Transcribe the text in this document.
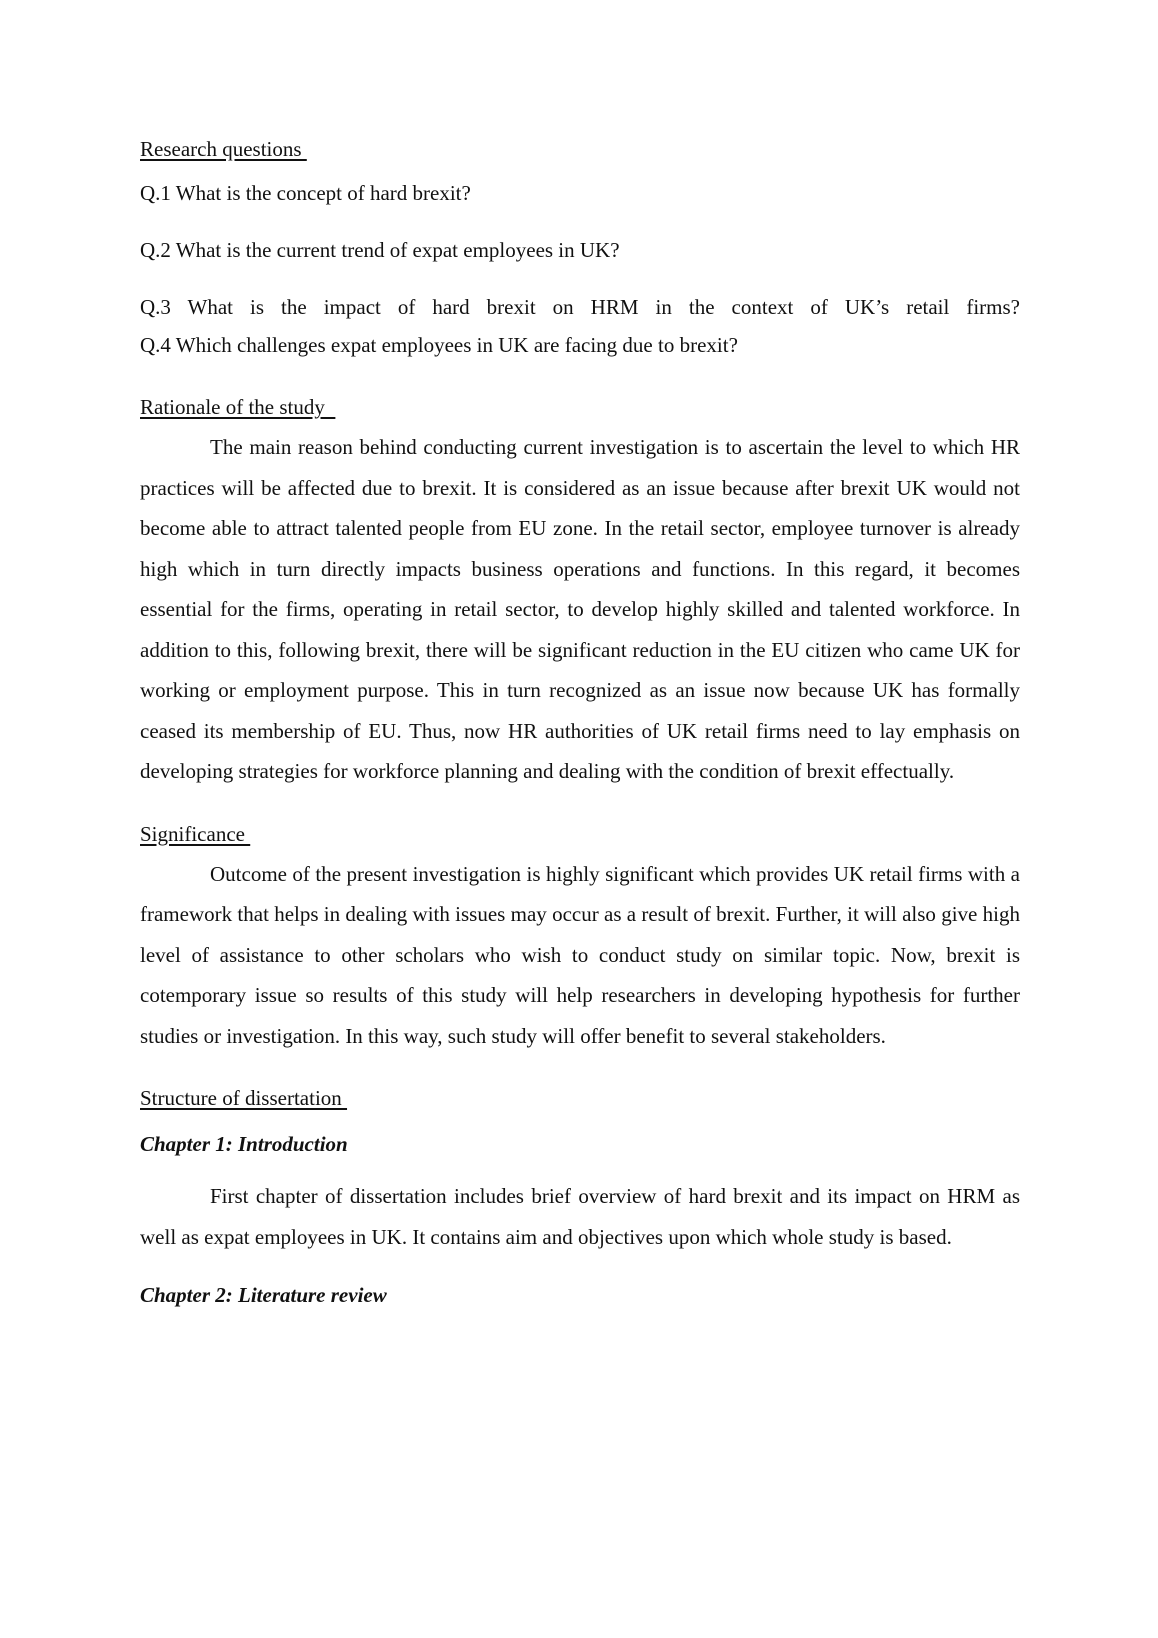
Research questions

Q.1 What is the concept of hard brexit?

Q.2 What is the current trend of expat employees in UK?

Q.3 What is the impact of hard brexit on HRM in the context of UK’s retail firms?

Q.4 Which challenges expat employees in UK are facing due to brexit?

Rationale of the study

The main reason behind conducting current investigation is to ascertain the level to which HR practices will be affected due to brexit. It is considered as an issue because after brexit UK would not become able to attract talented people from EU zone. In the retail sector, employee turnover is already high which in turn directly impacts business operations and functions. In this regard, it becomes essential for the firms, operating in retail sector, to develop highly skilled and talented workforce. In addition to this, following brexit, there will be significant reduction in the EU citizen who came UK for working or employment purpose. This in turn recognized as an issue now because UK has formally ceased its membership of EU. Thus, now HR authorities of UK retail firms need to lay emphasis on developing strategies for workforce planning and dealing with the condition of brexit effectually.

Significance

Outcome of the present investigation is highly significant which provides UK retail firms with a framework that helps in dealing with issues may occur as a result of brexit. Further, it will also give high level of assistance to other scholars who wish to conduct study on similar topic. Now, brexit is cotemporary issue so results of this study will help researchers in developing hypothesis for further studies or investigation. In this way, such study will offer benefit to several stakeholders.

Structure of dissertation

Chapter 1: Introduction

First chapter of dissertation includes brief overview of hard brexit and its impact on HRM as well as expat employees in UK. It contains aim and objectives upon which whole study is based.

Chapter 2: Literature review
